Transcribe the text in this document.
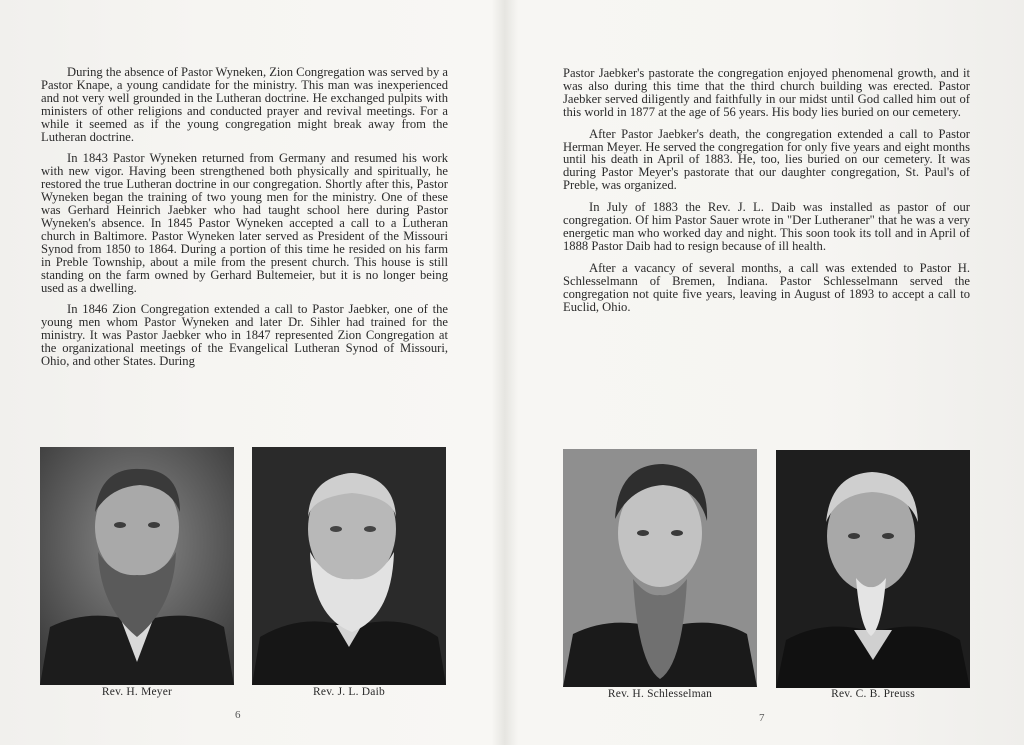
During the absence of Pastor Wyneken, Zion Congregation was served by a Pastor Knape, a young candidate for the ministry. This man was inexperienced and not very well grounded in the Lutheran doctrine. He exchanged pulpits with ministers of other religions and conducted prayer and revival meetings. For a while it seemed as if the young congregation might break away from the Lutheran doctrine.

In 1843 Pastor Wyneken returned from Germany and resumed his work with new vigor. Having been strengthened both physically and spiritually, he restored the true Lutheran doctrine in our congregation. Shortly after this, Pastor Wyneken began the training of two young men for the ministry. One of these was Gerhard Heinrich Jaebker who had taught school here during Pastor Wyneken's absence. In 1845 Pastor Wyneken accepted a call to a Lutheran church in Baltimore. Pastor Wyneken later served as President of the Missouri Synod from 1850 to 1864. During a portion of this time he resided on his farm in Preble Township, about a mile from the present church. This house is still standing on the farm owned by Gerhard Bultemeier, but it is no longer being used as a dwelling.

In 1846 Zion Congregation extended a call to Pastor Jaebker, one of the young men whom Pastor Wyneken and later Dr. Sihler had trained for the ministry. It was Pastor Jaebker who in 1847 represented Zion Congregation at the organizational meetings of the Evangelical Lutheran Synod of Missouri, Ohio, and other States. During

Rev. H. Meyer	Rev. J. L. Daib
6

Pastor Jaebker's pastorate the congregation enjoyed phenomenal growth, and it was also during this time that the third church building was erected. Pastor Jaebker served diligently and faithfully in our midst until God called him out of this world in 1877 at the age of 56 years. His body lies buried on our cemetery.

After Pastor Jaebker's death, the congregation extended a call to Pastor Herman Meyer. He served the congregation for only five years and eight months until his death in April of 1883. He, too, lies buried on our cemetery. It was during Pastor Meyer's pastorate that our daughter congregation, St. Paul's of Preble, was organized.

In July of 1883 the Rev. J. L. Daib was installed as pastor of our congregation. Of him Pastor Sauer wrote in "Der Lutheraner" that he was a very energetic man who worked day and night. This soon took its toll and in April of 1888 Pastor Daib had to resign because of ill health.

After a vacancy of several months, a call was extended to Pastor H. Schlesselmann of Bremen, Indiana. Pastor Schlesselmann served the congregation not quite five years, leaving in August of 1893 to accept a call to Euclid, Ohio.

Rev. H. Schlesselman	Rev. C. B. Preuss
7
